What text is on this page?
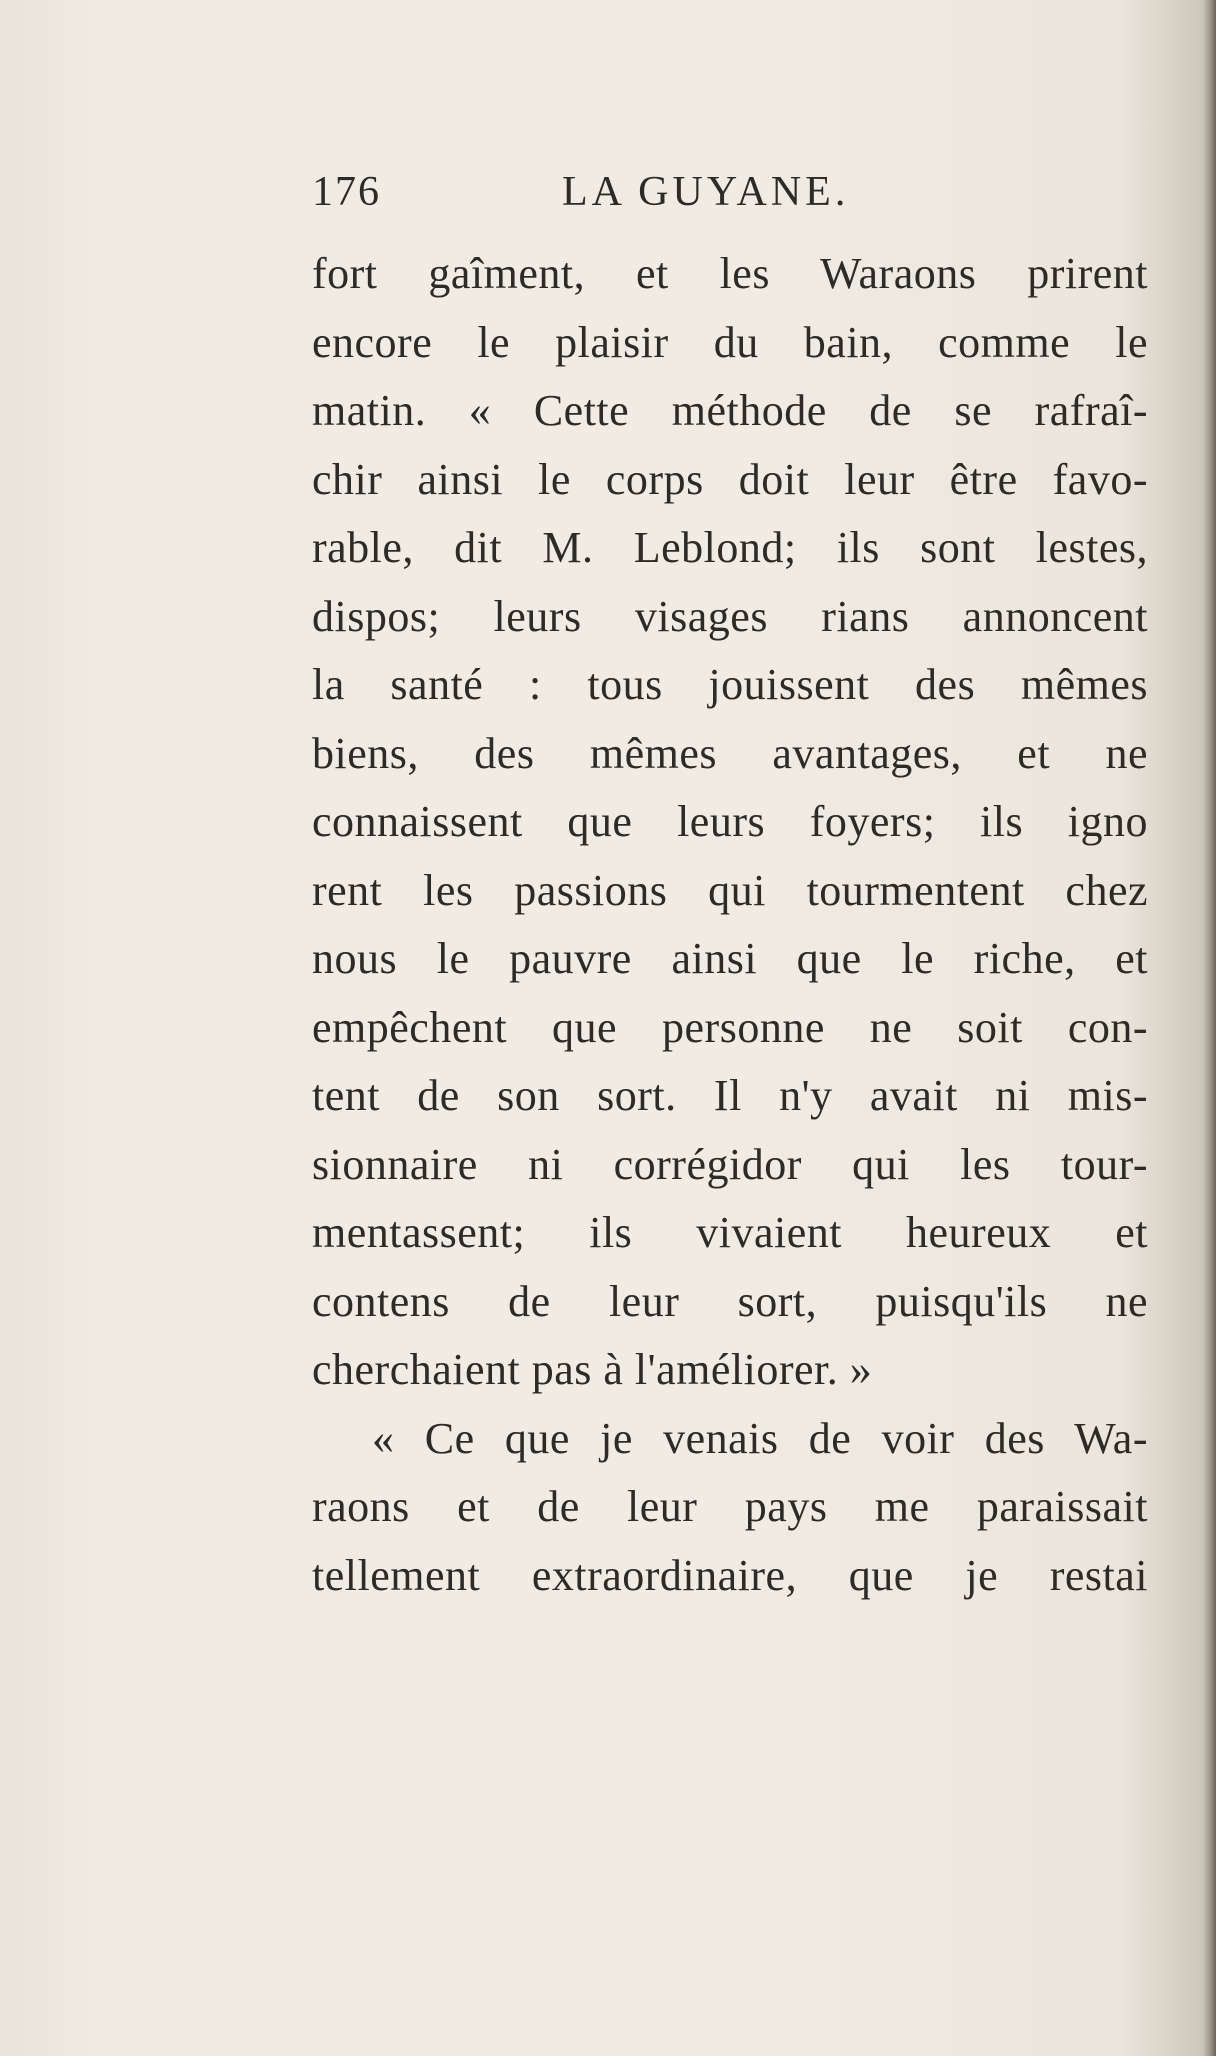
176	LA GUYANE.
fort gaîment, et les Waraons prirent
encore le plaisir du bain, comme le
matin. « Cette méthode de se rafraî-
chir ainsi le corps doit leur être favo-
rable, dit M. Leblond; ils sont lestes,
dispos; leurs visages rians annoncent
la santé : tous jouissent des mêmes
biens, des mêmes avantages, et ne
connaissent que leurs foyers; ils igno
rent les passions qui tourmentent chez
nous le pauvre ainsi que le riche, et
empêchent que personne ne soit con-
tent de son sort. Il n'y avait ni mis-
sionnaire ni corrégidor qui les tour-
mentassent; ils vivaient heureux et
contens de leur sort, puisqu'ils ne
cherchaient pas à l'améliorer. »
« Ce que je venais de voir des Wa-
raons et de leur pays me paraissait
tellement extraordinaire, que je restai
